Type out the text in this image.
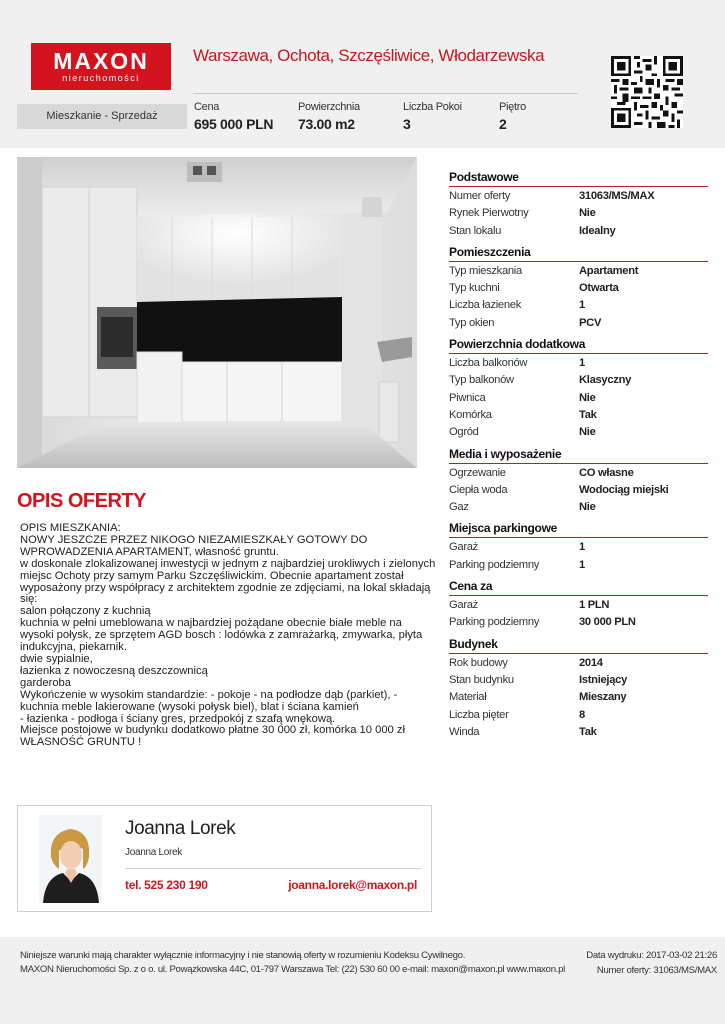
MAXON
nieruchomości
Warszawa, Ochota, Szczęśliwice, Włodarzewska
Mieszkanie - Sprzedaż
Cena
695 000 PLN
Powierzchnia
73.00 m2
Liczba Pokoi
3
Piętro
2
OPIS OFERTY
OPIS MIESZKANIA:
NOWY JESZCZE PRZEZ NIKOGO NIEZAMIESZKAŁY GOTOWY DO
WPROWADZENIA APARTAMENT, własność gruntu.
w doskonale zlokalizowanej inwestycji w jednym z najbardziej urokliwych i zielonych
miejsc Ochoty przy samym Parku Szczęśliwickim. Obecnie apartament został
wyposażony przy współpracy z architektem zgodnie ze zdjęciami, na lokal składają
się:
salon połączony z kuchnią
kuchnia w pełni umeblowana w najbardziej pożądane obecnie białe meble na
wysoki połysk, ze sprzętem AGD bosch : lodówka z zamrażarką, zmywarka, płyta
indukcyjna, piekarnik.
dwie sypialnie,
łazienka z nowoczesną deszczownicą
garderoba
Wykończenie w wysokim standardzie: - pokoje - na podłodze dąb (parkiet), -
kuchnia meble lakierowane (wysoki połysk biel), blat i ściana kamień
- łazienka - podłoga i ściany gres, przedpokój z szafą wnękową.
Miejsce postojowe w budynku dodatkowo płatne 30 000 zł, komórka 10 000 zł
WŁASNOŚĆ GRUNTU !
Podstawowe
Numer oferty	31063/MS/MAX
Rynek Pierwotny	Nie
Stan lokalu	Idealny
Pomieszczenia
Typ mieszkania	Apartament
Typ kuchni	Otwarta
Liczba łazienek	1
Typ okien	PCV
Powierzchnia dodatkowa
Liczba balkonów	1
Typ balkonów	Klasyczny
Piwnica	Nie
Komórka	Tak
Ogród	Nie
Media i wyposażenie
Ogrzewanie	CO własne
Ciepła woda	Wodociąg miejski
Gaz	Nie
Miejsca parkingowe
Garaż	1
Parking podziemny	1
Cena za
Garaż	1 PLN
Parking podziemny	30 000 PLN
Budynek
Rok budowy	2014
Stan budynku	Istniejący
Materiał	Mieszany
Liczba pięter	8
Winda	Tak
Joanna Lorek
Joanna Lorek
tel. 525 230 190	joanna.lorek@maxon.pl
Niniejsze warunki mają charakter wyłącznie informacyjny i nie stanowią oferty w rozumieniu Kodeksu Cywilnego.
MAXON Nieruchomości Sp. z o o. ul. Powązkowska 44C, 01-797 Warszawa Tel: (22) 530 60 00 e-mail: maxon@maxon.pl www.maxon.pl
Data wydruku: 2017-03-02 21:26
Numer oferty: 31063/MS/MAX
